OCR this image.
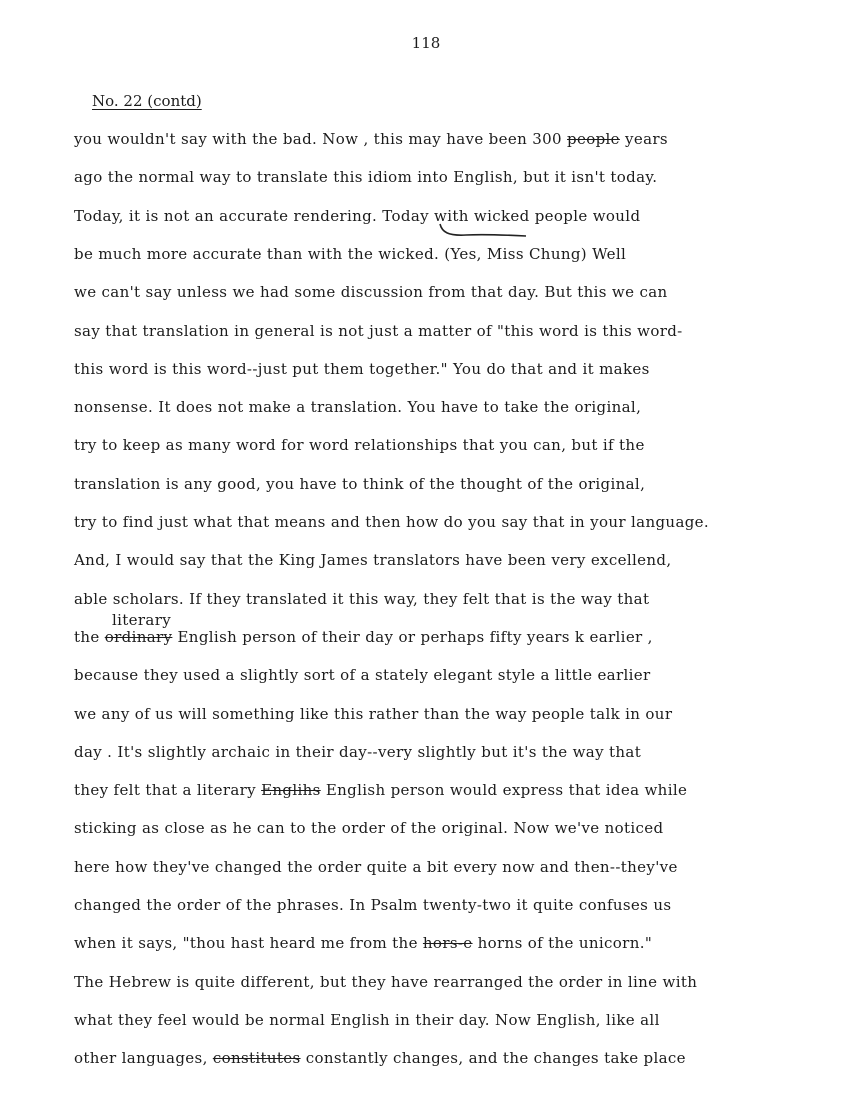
118
No. 22 (contd)
literary
you wouldn't say with the bad. Now , this may have been 300 people years
ago the normal way to translate this idiom into English, but it isn't today.
Today, it is not an accurate rendering. Today with wicked people would
be much more accurate than with the wicked. (Yes, Miss Chung) Well
we can't say unless we had some discussion from that day. But this we can
say that translation in general is not just a matter of "this word is this word-
this word is this word--just put them together." You do that and it makes
nonsense. It does not make a translation. You have to take the original,
try to keep as many word for word relationships that you can, but if the
translation is any good, you have to think of the thought of the original,
try to find just what that means and then how do you say that in your language.
And, I would say that the King James translators have been very excellend,
able scholars. If they translated it this way, they felt that is the way that
the ordinary English person of their day or perhaps fifty years k earlier ,
because they used a slightly sort of a stately elegant style a little earlier
we any of us will something like this rather than the way people talk in our
day . It's slightly archaic in their day--very slightly but it's the way that
they felt that a literary Englihs English person would express that idea while
sticking as close as he can to the order of the original. Now we've noticed
here how they've changed the order quite a bit every now and then--they've
changed the order of the phrases. In Psalm twenty-two it quite confuses us
when it says, "thou hast heard me from the hors-e horns of the unicorn."
The Hebrew is quite different, but they have rearranged the order in line with
what they feel would be normal English in their day. Now English, like all
other languages, constitutes constantly changes, and the changes take place
